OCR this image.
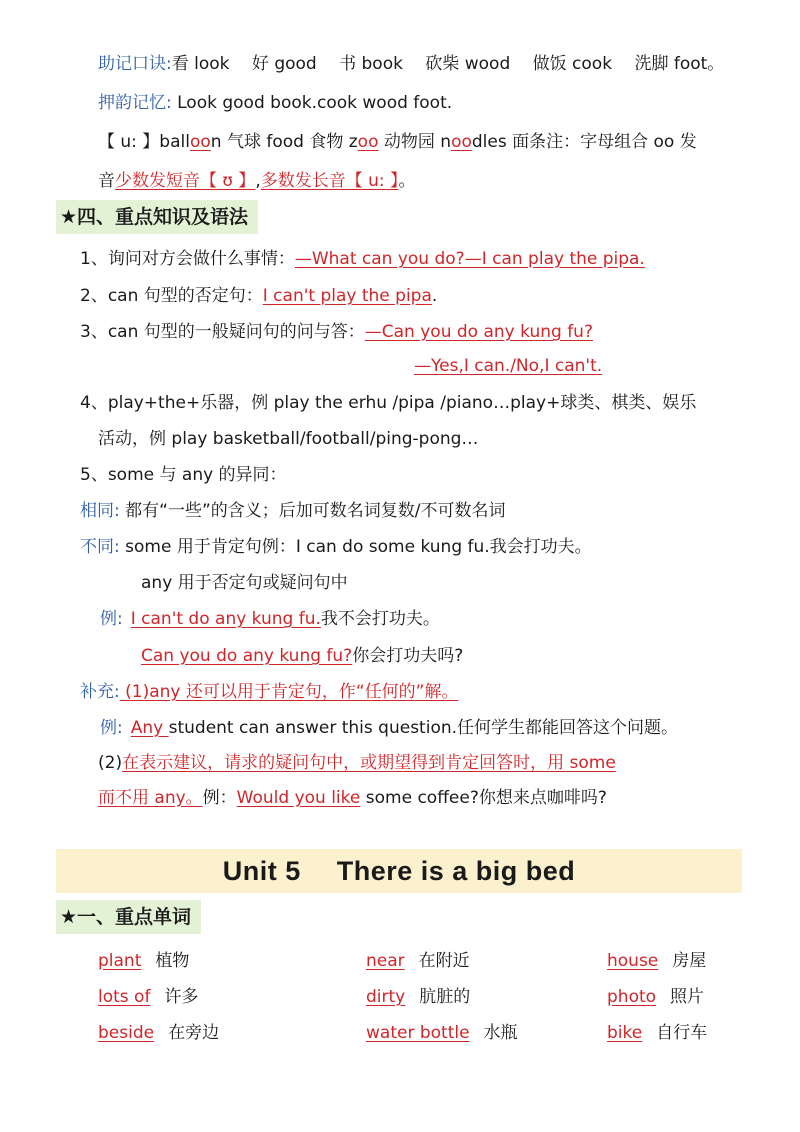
助记口诀:看 look　 好 good　 书 book　 砍柴 wood　 做饭 cook　 洗脚 foot。
押韵记忆: Look good book.cook wood foot.
【 u: 】balloon 气球 food 食物 zoo 动物园 noodles 面条注：字母组合 oo 发
音少数发短音【 ʊ 】,多数发长音【 u: 】。
★四、重点知识及语法
1、询问对方会做什么事情：—What can you do?—I can play the pipa.
2、can 句型的否定句：I can't play the pipa.
3、can 句型的一般疑问句的问与答：—Can you do any kung fu?
—Yes,I can./No,I can't.
4、play+the+乐器，例 play the erhu /pipa /piano…play+球类、棋类、娱乐
活动，例 play basketball/football/ping-pong…
5、some 与 any 的异同：
相同: 都有“一些”的含义；后加可数名词复数/不可数名词
不同: some 用于肯定句例：I can do some kung fu.我会打功夫。
any 用于否定句或疑问句中
例: I can't do any kung fu.我不会打功夫。
Can you do any kung fu?你会打功夫吗?
补充: (1)any 还可以用于肯定句，作“任何的”解。
例: Any student can answer this question.任何学生都能回答这个问题。
(2)在表示建议，请求的疑问句中，或期望得到肯定回答时，用 some
而不用 any。例：Would you like some coffee?你想来点咖啡吗?
Unit 5 There is a big bed
★一、重点单词
plant 植物	near 在附近	house 房屋
lots of 许多	dirty 肮脏的	photo 照片
beside 在旁边	water bottle 水瓶	bike 自行车
